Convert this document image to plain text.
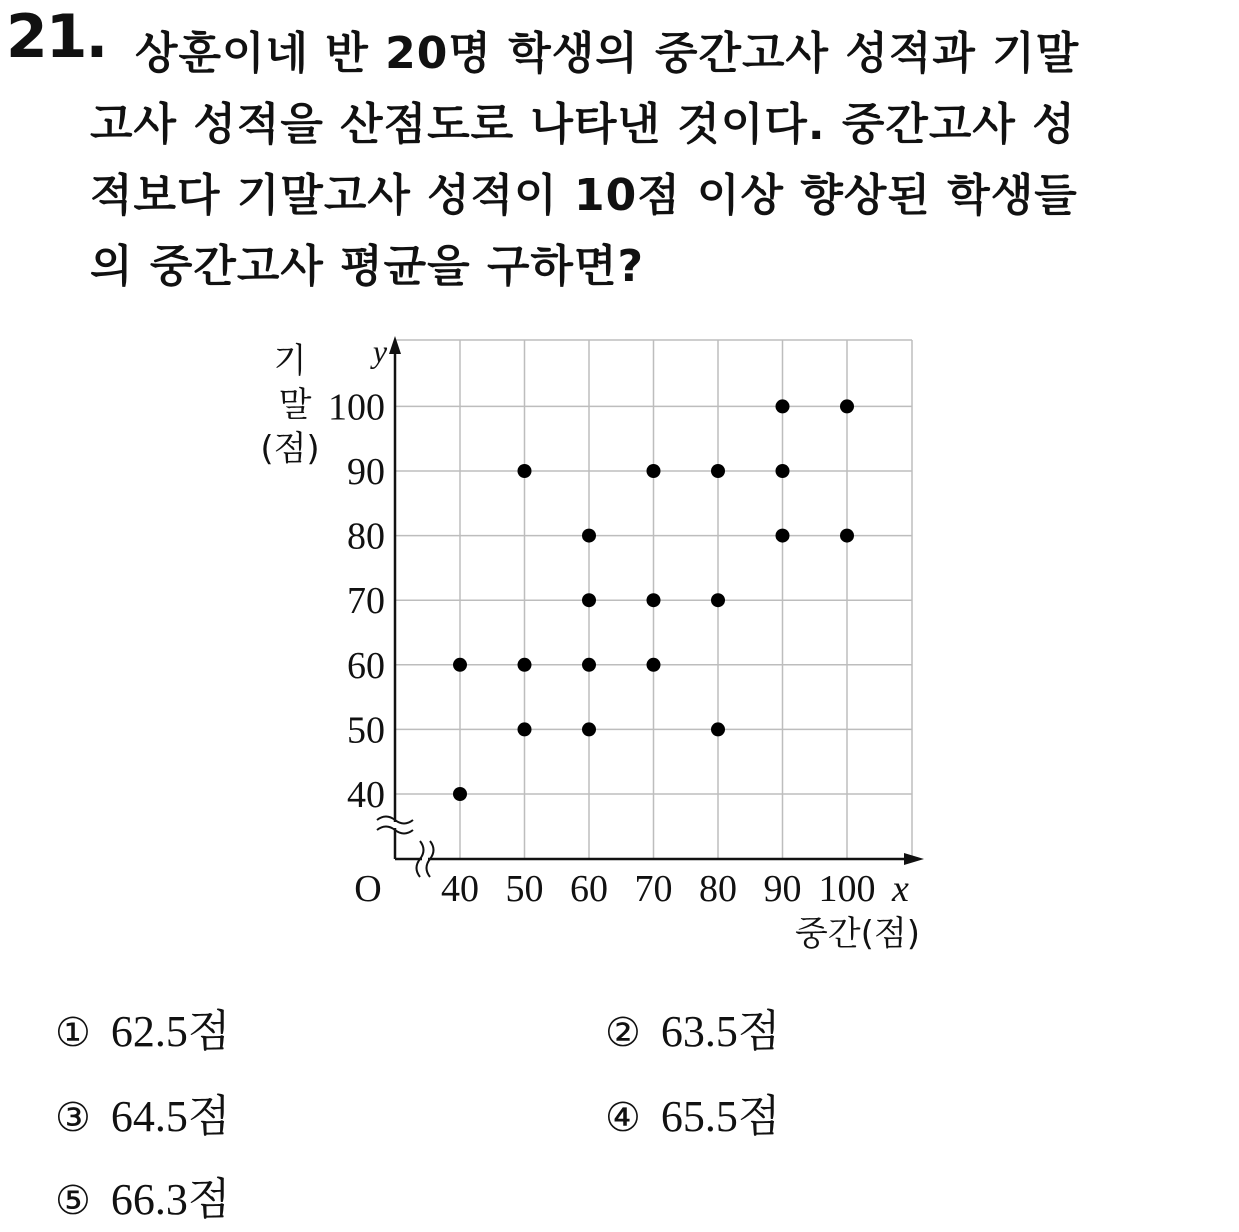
21. 상훈이네 반 20명 학생의 중간고사 성적과 기말
고사 성적을 산점도로 나타낸 것이다. 중간고사 성
적보다 기말고사 성적이 10점 이상 향상된 학생들
의 중간고사 평균을 구하면?
40 50 60 70 80 90 100
40
50
60
70
80
90
100
O	x
y
기
말
(점)
중간(점)
① 62.5점	② 63.5점
③ 64.5점	④ 65.5점
⑤ 66.3점
